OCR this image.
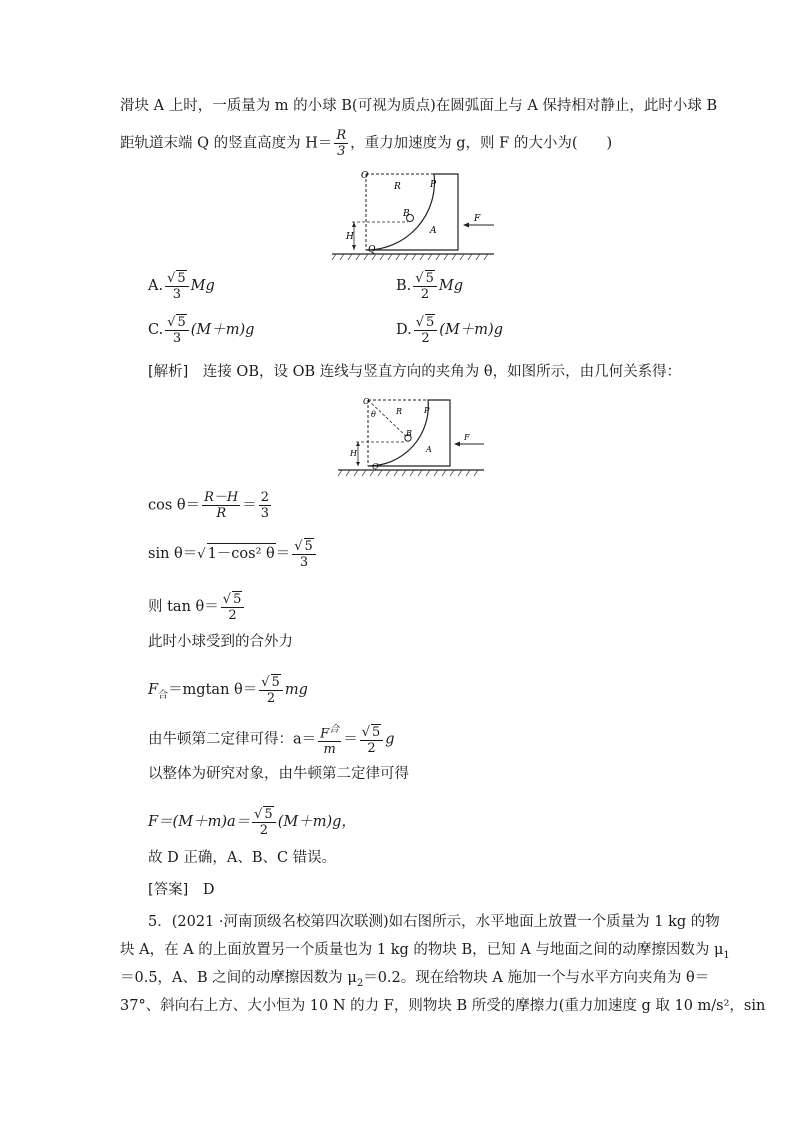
滑块 A 上时，一质量为 m 的小球 B(可视为质点)在圆弧面上与 A 保持相对静止，此时小球 B
距轨道末端 Q 的竖直高度为 $H= \frac{R}{3}$ ，重力加速度为 g，则 F 的大小为(　　)
O
R	P
B
A
F
H
Q
A. $\frac{√ 5}{3}$ Mg	B. $\frac{√ 5}{2}$ Mg
C. $\frac{√ 5}{3} (M+m)g$	D. $\frac{√ 5}{2} (M+m)g$
[解析]　连接 OB，设 OB 连线与竖直方向的夹角为 θ，如图所示，由几何关系得：
O
θ	R	P
B
A
F
H
Q
$\cos \theta= \frac{R-H}{R} = \frac{2}{3}$
sin θ＝√ 1－cos² $\theta= \frac{√ 5}{3}$
则 $\tan \theta= \frac{√ 5}{2}$
此时小球受到的合外力
$F_合=mgtan$ $\theta= \frac{√ 5}{2}$ mg
由牛顿第二定律可得：$a= \frac{F^合}{m} = \frac{√ 5}{2}$ g
以整体为研究对象，由牛顿第二定律可得
$F=(M+m)a= \frac{√ 5}{2} (M+m)g$，
故 D 正确，A、B、C 错误。
[答案]　D
5．(2021 ·河南顶级名校第四次联测)如右图所示，水平地面上放置一个质量为 1 kg 的物
块 A，在 A 的上面放置另一个质量也为 1 kg 的物块 B，已知 A 与地面之间的动摩擦因数为 $\mu_1$
＝0.5，A、B 之间的动摩擦因数为 $\mu_2=0.2$。现在给物块 A 施加一个与水平方向夹角为 θ＝
37°、斜向右上方、大小恒为 10 N 的力 F，则物块 B 所受的摩擦力(重力加速度 g 取 10 m/s²，sin
